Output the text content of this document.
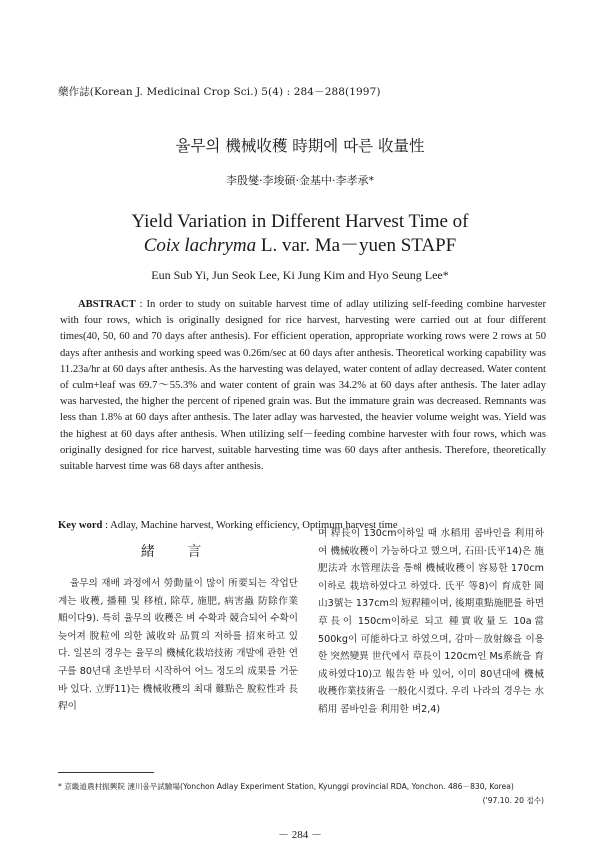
藥作誌(Korean J. Medicinal Crop Sci.) 5(4) : 284－288(1997)
율무의 機械收穫 時期에 따른 收量性
李殷燮·李埈碩·金基中·李孝承*
Yield Variation in Different Harvest Time of
Coix lachryma L. var. Ma－yuen STAPF
Eun Sub Yi, Jun Seok Lee, Ki Jung Kim and Hyo Seung Lee*
ABSTRACT : In order to study on suitable harvest time of adlay utilizing self-feeding combine harvester with four rows, which is originally designed for rice harvest, harvesting were carried out at four different times(40, 50, 60 and 70 days after anthesis). For efficient operation, appropriate working rows were 2 rows at 50 days after anthesis and working speed was 0.26m/sec at 60 days after anthesis. Theoretical working capability was 11.23a/hr at 60 days after anthesis. As the harvesting was delayed, water content of adlay decreased. Water content of culm+leaf was 69.7～55.3% and water content of grain was 34.2% at 60 days after anthesis. The later adlay was harvested, the higher the percent of ripened grain was. But the immature grain was decreased. Remnants was less than 1.8% at 60 days after anthesis. The later adlay was harvested, the heavier volume weight was. Yield was the highest at 60 days after anthesis. When utilizing self－feeding combine harvester with four rows, which was originally designed for rice harvest, suitable harvesting time was 60 days after anthesis. Therefore, theoretically suitable harvest time was 68 days after anthesis.
Key word : Adlay, Machine harvest, Working efficiency, Optimum harvest time
緒 言
율무의 재배 과정에서 勞動量이 많이 所要되는 작업단계는 收穫, 播種 및 移植, 除草, 施肥, 病害蟲 防除作業 順이다9). 특히 율무의 收穫은 벼 수확과 競合되어 수확이 늦어져 脫粒에 의한 減收와 品質의 저하를 招來하고 있다. 일본의 경우는 율무의 機械化栽培技術 개발에 관한 연구를 80년대 초반부터 시작하여 어느 정도의 成果를 거둔 바 있다. 立野11)는 機械收穫의 최대 難點은 脫粒性과 長稈이
며 稈長이 130cm이하일 때 水稻用 콤바인을 利用하여 機械收穫이 가능하다고 했으며, 石田·氏平14)은 施肥法과 水管理法을 통해 機械收穫이 容易한 170cm이하로 栽培하였다고 하였다. 氏平 等8)이 育成한 岡山3號는 137cm의 短稈種이며, 後期重點施肥를 하면 草長이 150cm이하로 되고 種實收量도 10a當 500kg이 可能하다고 하였으며, 감마－放射線을 이용한 突然變異 世代에서 草長이 120cm인 Ms系統을 育成하였다10)고 報告한 바 있어, 이미 80년대에 機械收穫作業技術을 一般化시켰다. 우리 나라의 경우는 水稻用 콤바인을 利用한 벼2,4)
* 京畿道農村振興院 漣川율무試驗場(Yonchon Adlay Experiment Station, Kyunggi provincial RDA, Yonchon. 486－830, Korea)
('97.10. 20 접수)
－ 284 －
